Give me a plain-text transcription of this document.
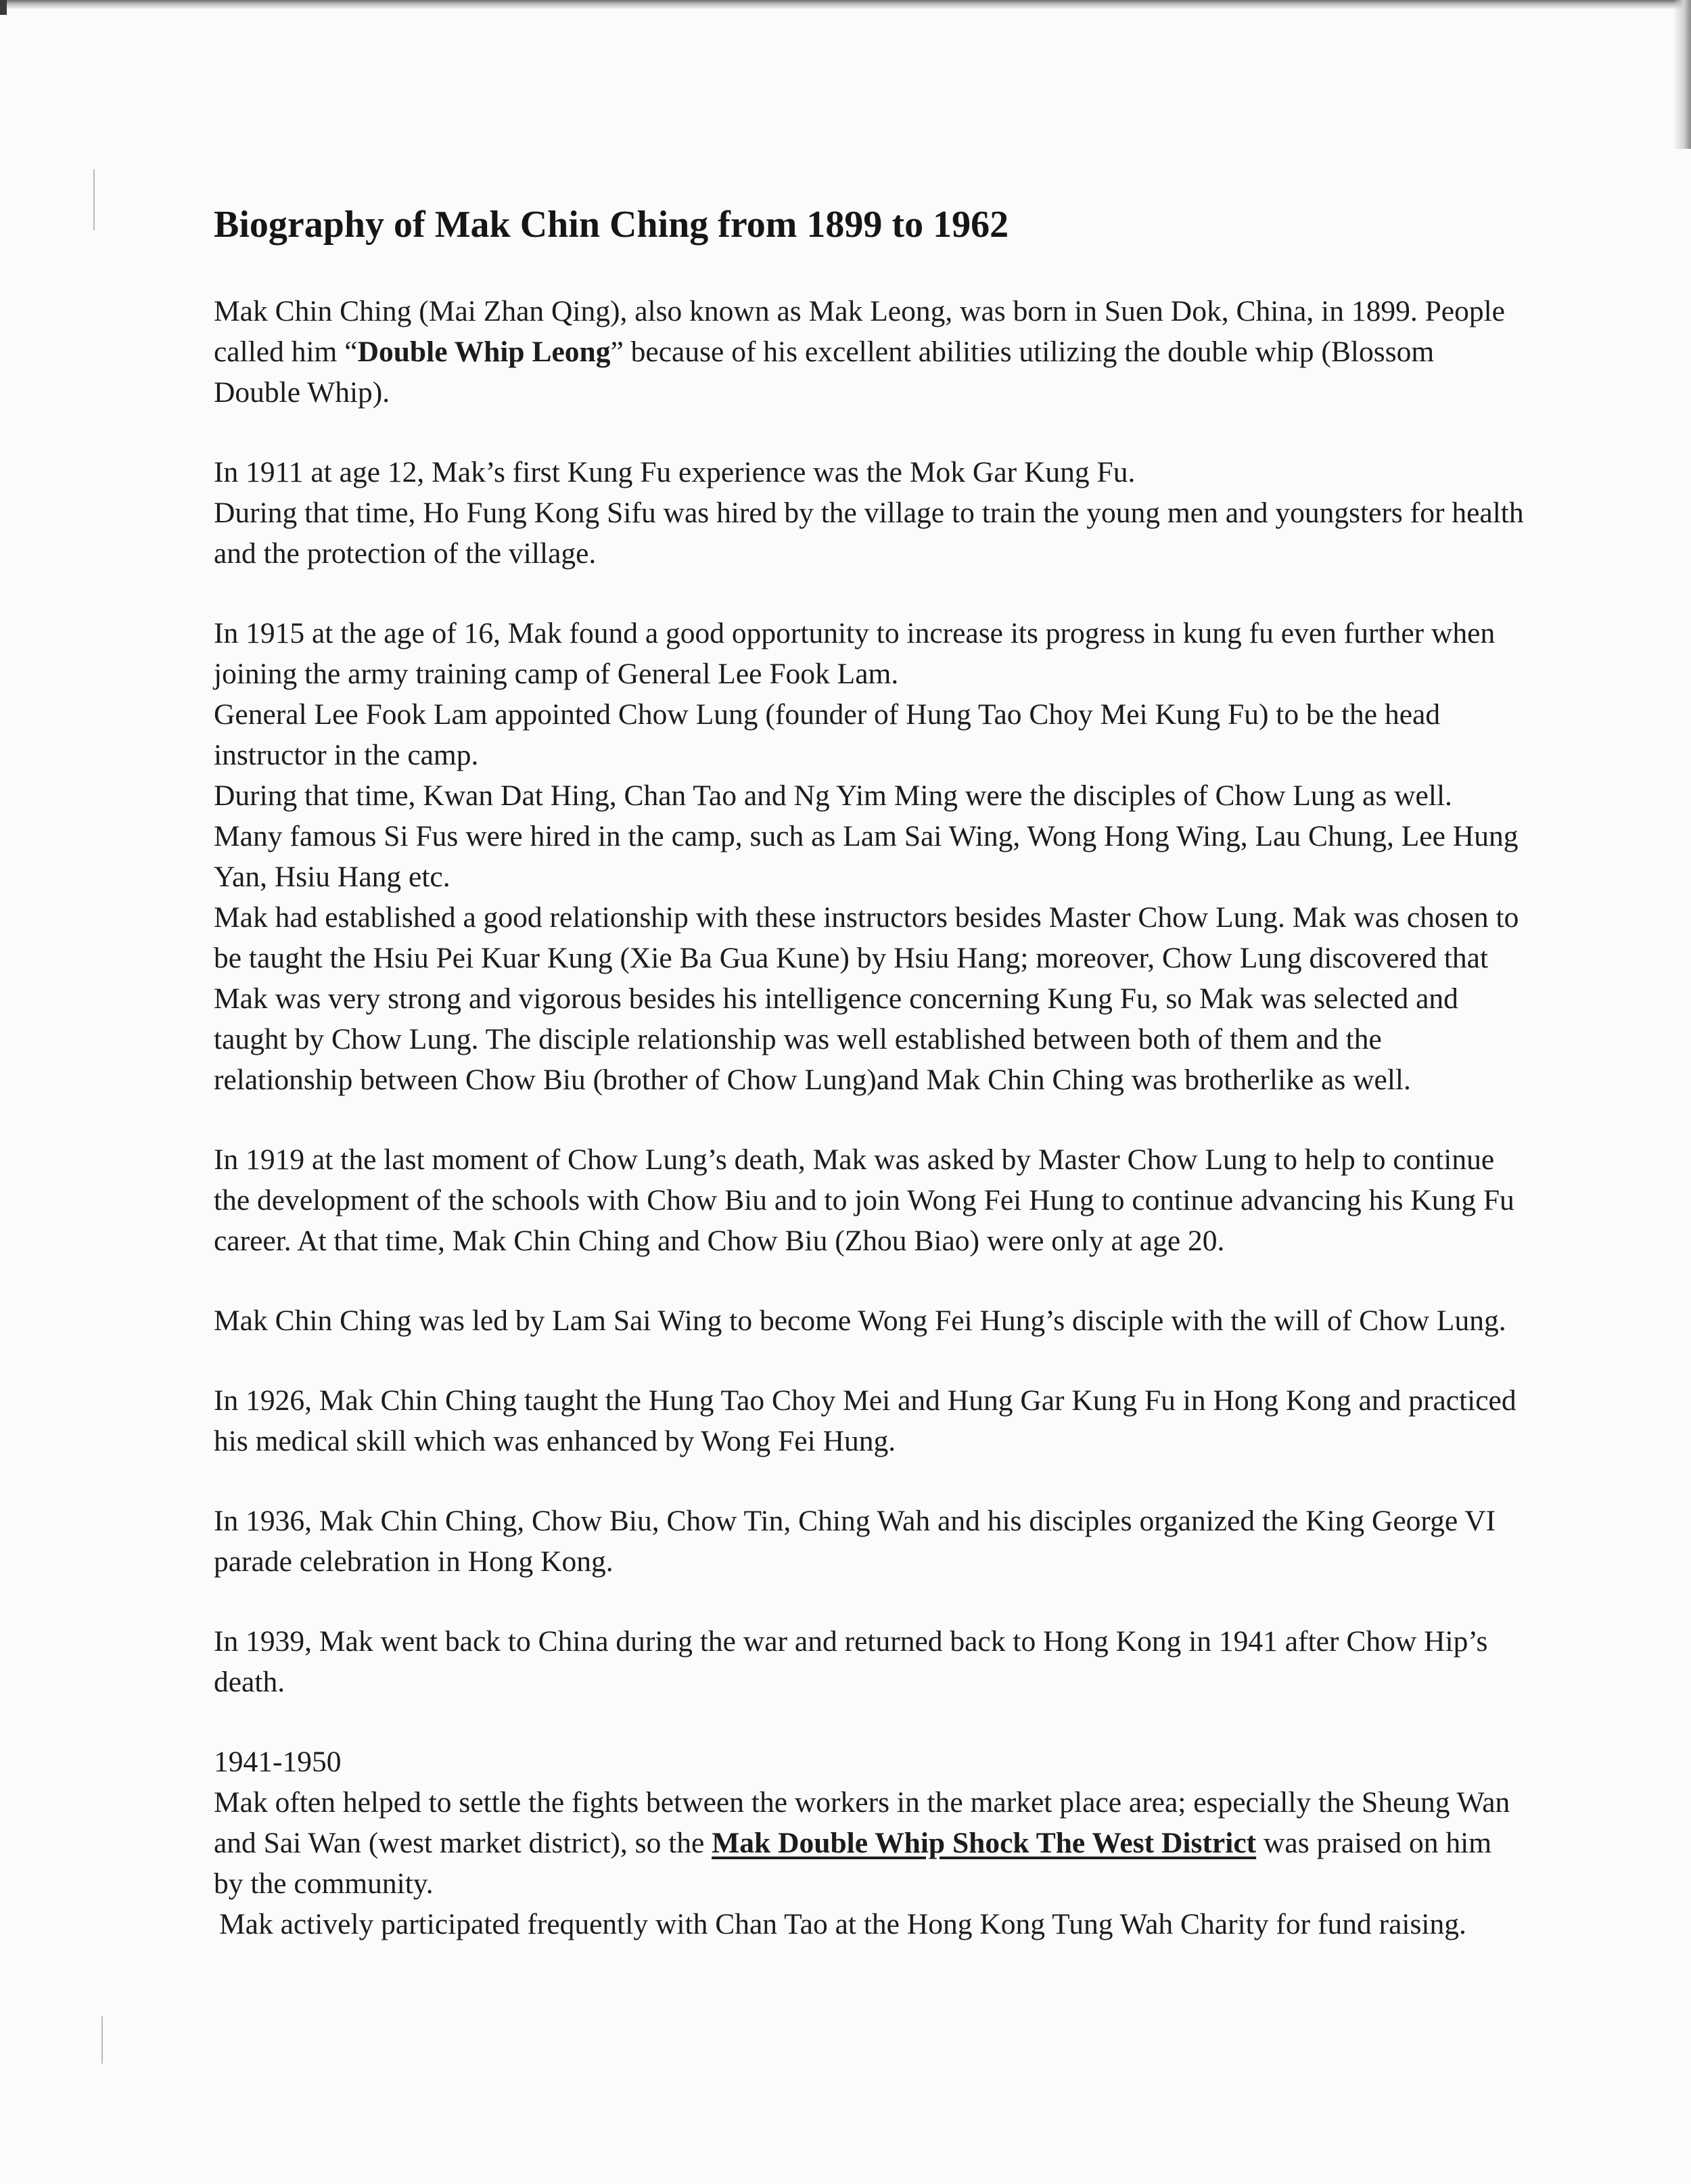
Biography of Mak Chin Ching from 1899 to 1962

Mak Chin Ching (Mai Zhan Qing), also known as Mak Leong, was born in Suen Dok, China, in 1899. People called him “Double Whip Leong” because of his excellent abilities utilizing the double whip (Blossom Double Whip).

In 1911 at age 12, Mak’s first Kung Fu experience was the Mok Gar Kung Fu.

During that time, Ho Fung Kong Sifu was hired by the village to train the young men and youngsters for health and the protection of the village.

In 1915 at the age of 16, Mak found a good opportunity to increase its progress in kung fu even further when joining the army training camp of General Lee Fook Lam.

General Lee Fook Lam appointed Chow Lung (founder of Hung Tao Choy Mei Kung Fu) to be the head instructor in the camp.

During that time, Kwan Dat Hing, Chan Tao and Ng Yim Ming were the disciples of Chow Lung as well. Many famous Si Fus were hired in the camp, such as Lam Sai Wing, Wong Hong Wing, Lau Chung, Lee Hung Yan, Hsiu Hang etc.

Mak had established a good relationship with these instructors besides Master Chow Lung. Mak was chosen to be taught the Hsiu Pei Kuar Kung (Xie Ba Gua Kune) by Hsiu Hang; moreover, Chow Lung discovered that Mak was very strong and vigorous besides his intelligence concerning Kung Fu, so Mak was selected and taught by Chow Lung. The disciple relationship was well established between both of them and the relationship between Chow Biu (brother of Chow Lung)and Mak Chin Ching was brotherlike as well.

In 1919 at the last moment of Chow Lung’s death, Mak was asked by Master Chow Lung to help to continue the development of the schools with Chow Biu and to join Wong Fei Hung to continue advancing his Kung Fu career. At that time, Mak Chin Ching and Chow Biu (Zhou Biao) were only at age 20.

Mak Chin Ching was led by Lam Sai Wing to become Wong Fei Hung’s disciple with the will of Chow Lung.

In 1926, Mak Chin Ching taught the Hung Tao Choy Mei and Hung Gar Kung Fu in Hong Kong and practiced his medical skill which was enhanced by Wong Fei Hung.

In 1936, Mak Chin Ching, Chow Biu, Chow Tin, Ching Wah and his disciples organized the King George VI parade celebration in Hong Kong.

In 1939, Mak went back to China during the war and returned back to Hong Kong in 1941 after Chow Hip’s death.

1941-1950

Mak often helped to settle the fights between the workers in the market place area; especially the Sheung Wan and Sai Wan (west market district), so the Mak Double Whip Shock The West District was praised on him by the community.

Mak actively participated frequently with Chan Tao at the Hong Kong Tung Wah Charity for fund raising.
